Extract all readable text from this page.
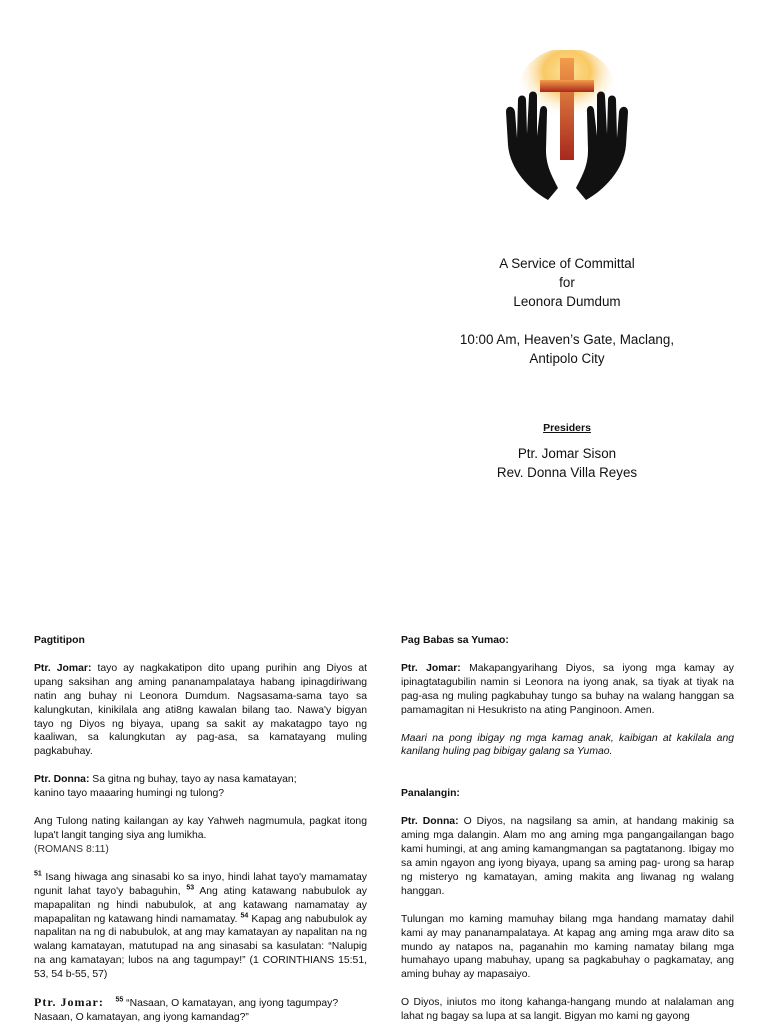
A Service of Committal
for
Leonora Dumdum
10:00 Am, Heaven’s Gate, Maclang,
Antipolo City
Presiders
Ptr. Jomar Sison
Rev. Donna Villa Reyes
Pagtitipon

Ptr. Jomar: tayo ay nagkakatipon dito upang purihin ang Diyos at upang saksihan ang aming pananampalataya habang ipinagdiriwang natin ang buhay ni Leonora Dumdum. Nagsasama-sama tayo sa kalungkutan, kinikilala ang ati8ng kawalan bilang tao. Nawa'y bigyan tayo ng Diyos ng biyaya, upang sa sakit ay makatagpo tayo ng kaaliwan, sa kalungkutan ay pag-asa, sa kamatayang muling pagkabuhay.

Ptr. Donna: Sa gitna ng buhay, tayo ay nasa kamatayan;
kanino tayo maaaring humingi ng tulong?

Ang Tulong nating kailangan ay kay Yahweh nagmumula, pagkat itong lupa't langit tanging siya ang lumikha.
(ROMANS 8:11)

$^{51}$ Isang hiwaga ang sinasabi ko sa inyo, hindi lahat tayo'y mamamatay ngunit lahat tayo'y babaguhin, $^{53}$ Ang ating katawang nabubulok ay mapapalitan ng hindi nabubulok, at ang katawang namamatay ay mapapalitan ng katawang hindi namamatay. $^{54}$ Kapag ang nabubulok ay napalitan na ng di nabubulok, at ang may kamatayan ay napalitan na ng walang kamatayan, matutupad na ang sinasabi sa kasulatan: “Nalupig na ang kamatayan; lubos na ang tagumpay!” (1 CORINTHIANS 15:51, 53, 54 b-55, 57)

Ptr. Jomar: $^{55}$ “Nasaan, O kamatayan, ang iyong tagumpay?
Nasaan, O kamatayan, ang iyong kamandag?”

Pag Babas sa Yumao:

Ptr. Jomar: Makapangyarihang Diyos, sa iyong mga kamay ay ipinagtatagubilin namin si Leonora na iyong anak, sa tiyak at tiyak na pag-asa ng muling pagkabuhay tungo sa buhay na walang hanggan sa pamamagitan ni Hesukristo na ating Panginoon. Amen.

Maari na pong ibigay ng mga kamag anak, kaibigan at kakilala ang kanilang huling pag bibigay galang sa Yumao.

Panalangin:

Ptr. Donna: O Diyos, na nagsilang sa amin, at handang makinig sa aming mga dalangin. Alam mo ang aming mga pangangailangan bago kami humingi, at ang aming kamangmangan sa pagtatanong. Ibigay mo sa amin ngayon ang iyong biyaya, upang sa aming pag- urong sa harap ng misteryo ng kamatayan, aming makita ang liwanag ng walang hanggan.

Tulungan mo kaming mamuhay bilang mga handang mamatay dahil kami ay may pananampalataya. At kapag ang aming mga araw dito sa mundo ay natapos na, paganahin mo kaming namatay bilang mga humahayo upang mabuhay, upang sa pagkabuhay o pagkamatay, ang aming buhay ay mapasaiyo.

O Diyos, iniutos mo itong kahanga-hangang mundo at nalalaman ang lahat ng bagay sa lupa at sa langit. Bigyan mo kami ng gayong
